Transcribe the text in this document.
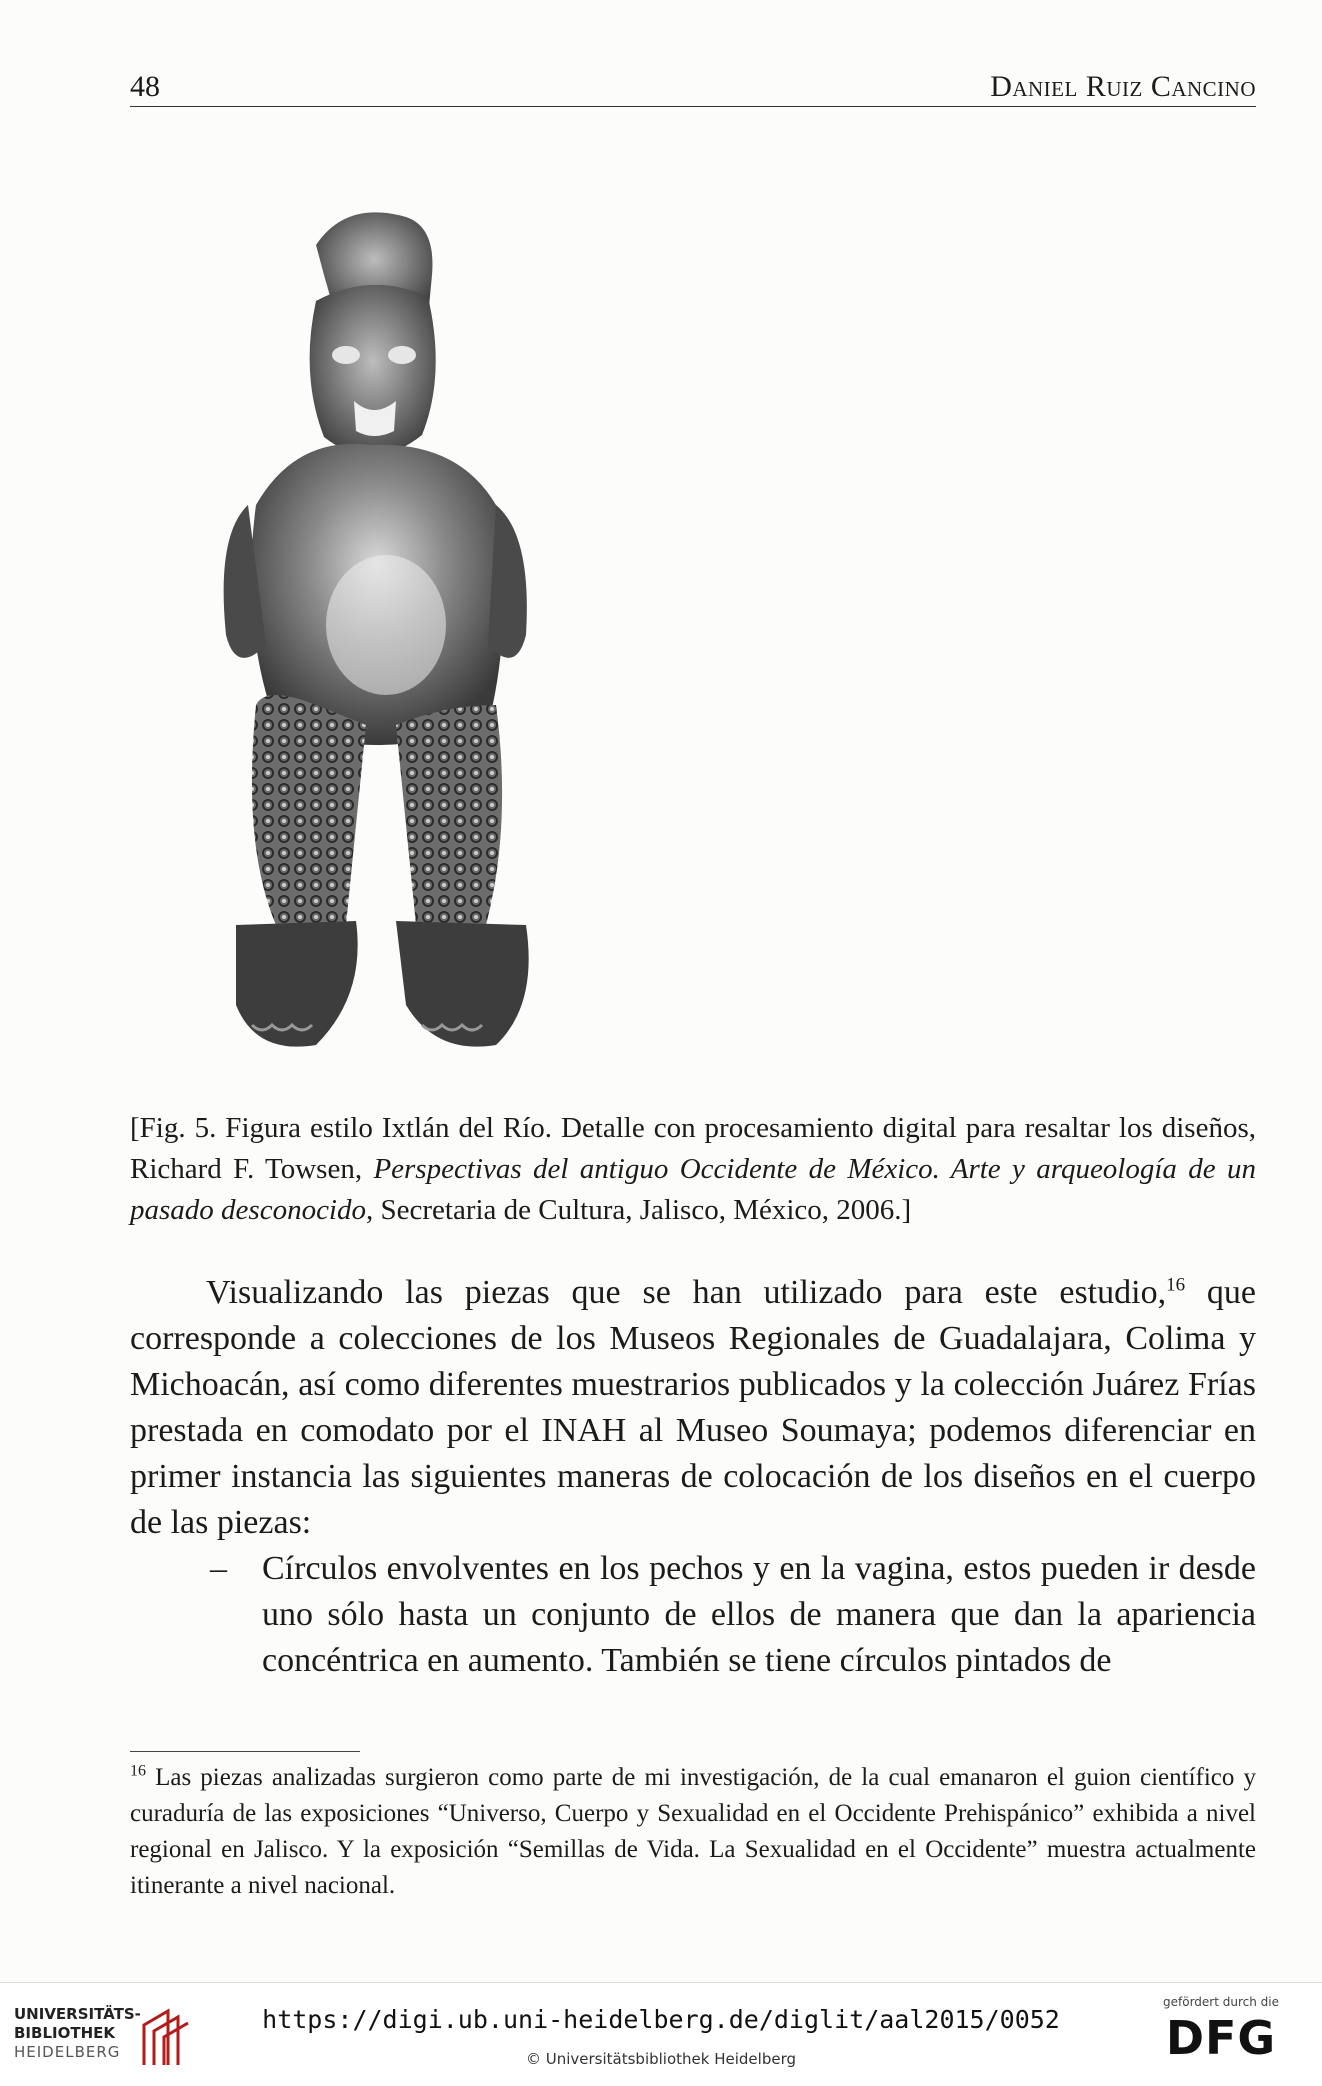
48	Daniel Ruiz Cancino
[Fig. 5. Figura estilo Ixtlán del Río. Detalle con procesamiento digital para resaltar los diseños, Richard F. Towsen, Perspectivas del antiguo Occidente de México. Arte y arqueología de un pasado desconocido, Secretaria de Cultura, Jalisco, México, 2006.]

Visualizando las piezas que se han utilizado para este estudio,$^{16}$ que corresponde a colecciones de los Museos Regionales de Guadalajara, Colima y Michoacán, así como diferentes muestrarios publicados y la colección Juárez Frías prestada en comodato por el INAH al Museo Soumaya; podemos diferenciar en primer instancia las siguientes maneras de colocación de los diseños en el cuerpo de las piezas:

– Círculos envolventes en los pechos y en la vagina, estos pueden ir desde uno sólo hasta un conjunto de ellos de manera que dan la apariencia concéntrica en aumento. También se tiene círculos pintados de
$^{16}$ Las piezas analizadas surgieron como parte de mi investigación, de la cual emanaron el guion científico y curaduría de las exposiciones “Universo, Cuerpo y Sexualidad en el Occidente Prehispánico” exhibida a nivel regional en Jalisco. Y la exposición “Semillas de Vida. La Sexualidad en el Occidente” muestra actualmente itinerante a nivel nacional.
UNIVERSITÄTS-
BIBLIOTHEK
HEIDELBERG
https://digi.ub.uni-heidelberg.de/diglit/aal2015/0052
© Universitätsbibliothek Heidelberg
gefördert durch die
DFG
